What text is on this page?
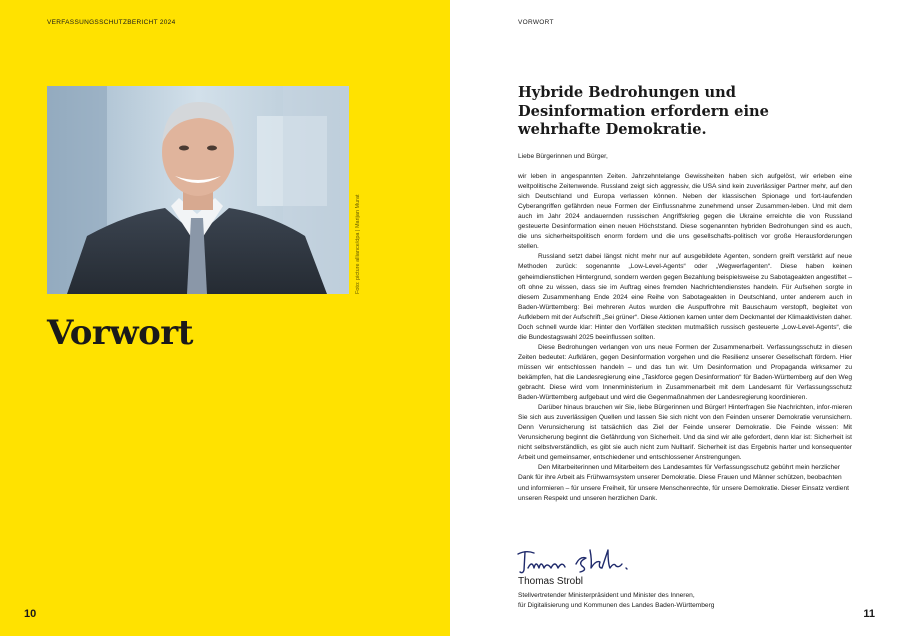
VERFASSUNGSSCHUTZBERICHT 2024
Foto: picture alliance/dpa | Marijan Murat
Vorwort
10
VORWORT
Hybride Bedrohungen und Desinformation erfordern eine wehrhafte Demokratie.

Liebe Bürgerinnen und Bürger,

wir leben in angespannten Zeiten. Jahrzehntelange Gewissheiten haben sich aufgelöst, wir erleben eine weltpolitische Zeitenwende. Russland zeigt sich aggressiv, die USA sind kein zuverlässiger Partner mehr, auf den sich Deutschland und Europa verlassen können. Neben der klassischen Spionage und fort-laufenden Cyberangriffen gefährden neue Formen der Einflussnahme zunehmend unser Zusammen-leben. Und mit dem auch im Jahr 2024 andauernden russischen Angriffskrieg gegen die Ukraine erreichte die von Russland gesteuerte Desinformation einen neuen Höchststand. Diese sogenannten hybriden Bedrohungen sind es auch, die uns sicherheitspolitisch enorm fordern und die uns gesellschafts-politisch vor große Herausforderungen stellen.

Russland setzt dabei längst nicht mehr nur auf ausgebildete Agenten, sondern greift verstärkt auf neue Methoden zurück: sogenannte „Low-Level-Agents“ oder „Wegwerfagenten“. Diese haben keinen geheimdienstlichen Hintergrund, sondern werden gegen Bezahlung beispielsweise zu Sabotageakten angestiftet – oft ohne zu wissen, dass sie im Auftrag eines fremden Nachrichtendienstes handeln. Für Aufsehen sorgte in diesem Zusammenhang Ende 2024 eine Reihe von Sabotageakten in Deutschland, unter anderem auch in Baden-Württemberg: Bei mehreren Autos wurden die Auspuffrohre mit Bauschaum verstopft, begleitet von Aufklebern mit der Aufschrift „Sei grüner“. Diese Aktionen kamen unter dem Deckmantel der Klimaaktivisten daher. Doch schnell wurde klar: Hinter den Vorfällen steckten mutmaßlich russisch gesteuerte „Low-Level-Agents“, die die Bundestagswahl 2025 beeinflussen sollten.

Diese Bedrohungen verlangen von uns neue Formen der Zusammenarbeit. Verfassungsschutz in diesen Zeiten bedeutet: Aufklären, gegen Desinformation vorgehen und die Resilienz unserer Gesellschaft fördern. Hier müssen wir entschlossen handeln – und das tun wir. Um Desinformation und Propaganda wirksamer zu bekämpfen, hat die Landesregierung eine „Taskforce gegen Desinformation“ für Baden-Württemberg auf den Weg gebracht. Diese wird vom Innenministerium in Zusammenarbeit mit dem Landesamt für Verfassungsschutz Baden-Württemberg aufgebaut und wird die Gegenmaßnahmen der Landesregierung koordinieren.

Darüber hinaus brauchen wir Sie, liebe Bürgerinnen und Bürger! Hinterfragen Sie Nachrichten, infor-mieren Sie sich aus zuverlässigen Quellen und lassen Sie sich nicht von den Feinden unserer Demokratie verunsichern. Denn Verunsicherung ist tatsächlich das Ziel der Feinde unserer Demokratie. Die Feinde wissen: Mit Verunsicherung beginnt die Gefährdung von Sicherheit. Und da sind wir alle gefordert, denn klar ist: Sicherheit ist nicht selbstverständlich, es gibt sie auch nicht zum Nulltarif. Sicherheit ist das Ergebnis harter und konsequenter Arbeit und gemeinsamer, entschiedener und entschlossener Anstrengungen.

Den Mitarbeiterinnen und Mitarbeitern des Landesamtes für Verfassungsschutz gebührt mein herzlicher Dank für ihre Arbeit als Frühwarnsystem unserer Demokratie. Diese Frauen und Männer schützen, beobachten und informieren – für unsere Freiheit, für unsere Menschenrechte, für unsere Demokratie. Dieser Einsatz verdient unseren Respekt und unseren herzlichen Dank.

Thomas Strobl
Stellvertretender Ministerpräsident und Minister des Inneren,
für Digitalisierung und Kommunen des Landes Baden-Württemberg
11
